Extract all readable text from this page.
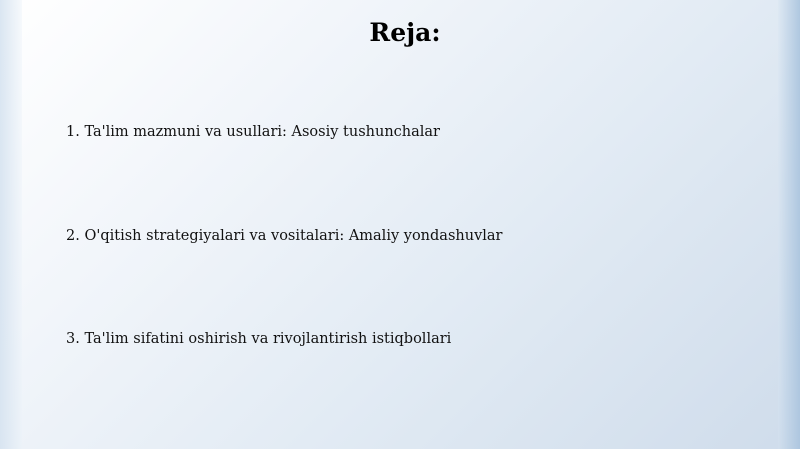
Reja:
1. Ta'lim mazmuni va usullari: Asosiy tushunchalar
2. O'qitish strategiyalari va vositalari: Amaliy yondashuvlar
3. Ta'lim sifatini oshirish va rivojlantirish istiqbollari
